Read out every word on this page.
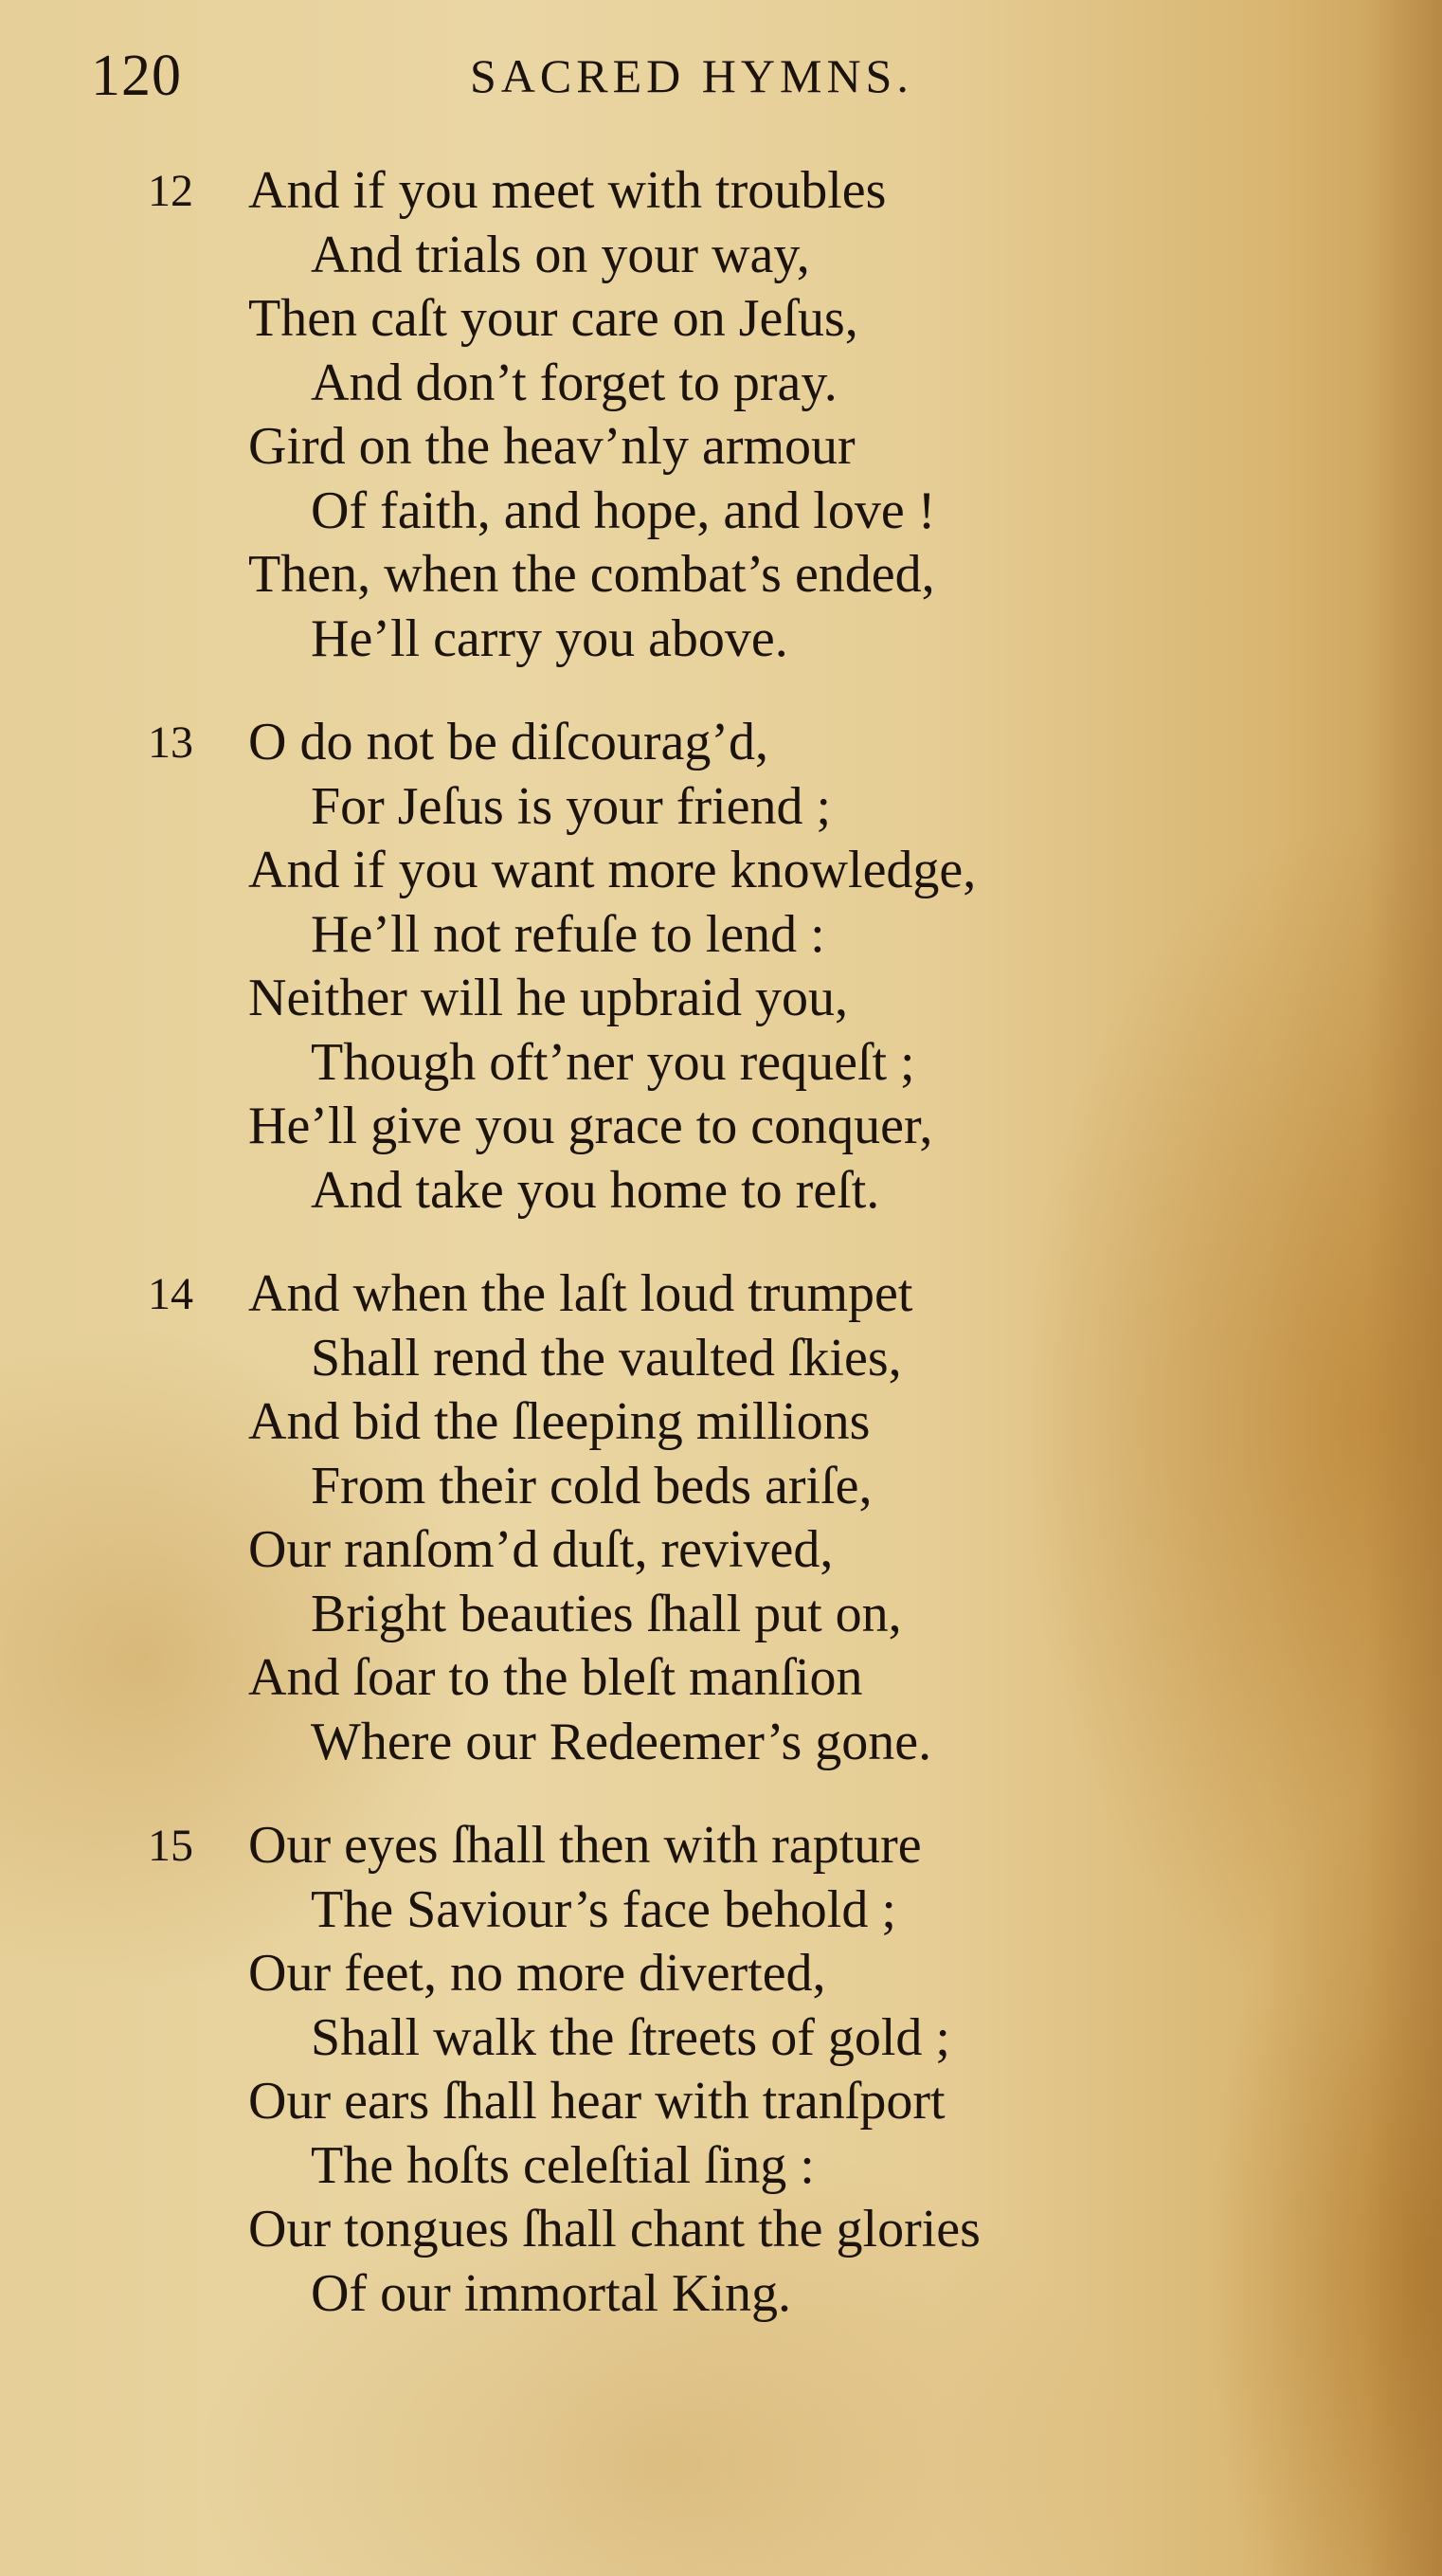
120	SACRED HYMNS.
12	And if you meet with troubles
And trials on your way,
Then caſt your care on Jeſus,
And don’t forget to pray.
Gird on the heav’nly armour
Of faith, and hope, and love !
Then, when the combat’s ended,
He’ll carry you above.
13	O do not be diſcourag’d,
For Jeſus is your friend ;
And if you want more knowledge,
He’ll not refuſe to lend :
Neither will he upbraid you,
Though oft’ner you requeſt ;
He’ll give you grace to conquer,
And take you home to reſt.
14	And when the laſt loud trumpet
Shall rend the vaulted ſkies,
And bid the ſleeping millions
From their cold beds ariſe,
Our ranſom’d duſt, revived,
Bright beauties ſhall put on,
And ſoar to the bleſt manſion
Where our Redeemer’s gone.
15	Our eyes ſhall then with rapture
The Saviour’s face behold ;
Our feet, no more diverted,
Shall walk the ſtreets of gold ;
Our ears ſhall hear with tranſport
The hoſts celeſtial ſing :
Our tongues ſhall chant the glories
Of our immortal King.
